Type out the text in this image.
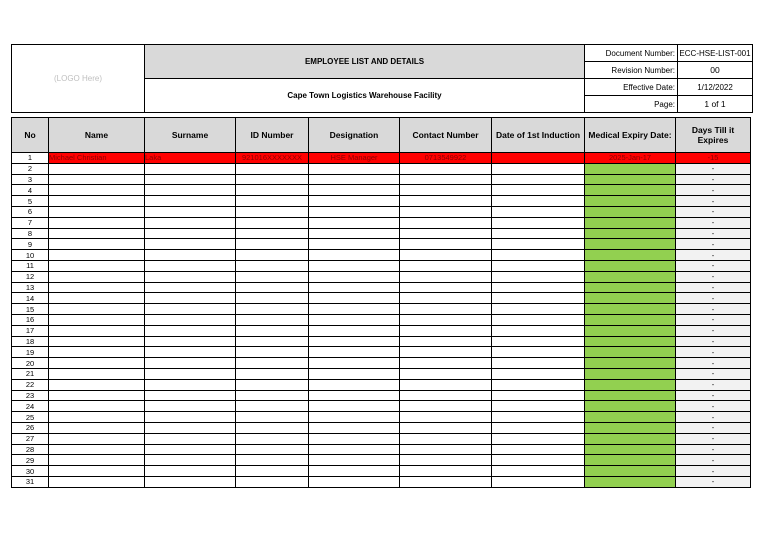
(LOGO Here)	EMPLOYEE LIST AND DETAILS	Document Number:	ECC-HSE-LIST-001
		Revision Number:	00
	Cape Town Logistics Warehouse Facility	Effective Date:	1/12/2022
		Page:	1 of 1
No	Name	Surname	ID Number	Designation	Contact Number	Date of 1st Induction	Medical Expiry Date:	Days Till it Expires
1	Michael Christian	Laka	921016XXXXXXX	HSE Manager	0713549922		2025-Jan-17	-15
2								-
3								-
4								-
5								-
6								-
7								-
8								-
9								-
10								-
11								-
12								-
13								-
14								-
15								-
16								-
17								-
18								-
19								-
20								-
21								-
22								-
23								-
24								-
25								-
26								-
27								-
28								-
29								-
30								-
31								-
